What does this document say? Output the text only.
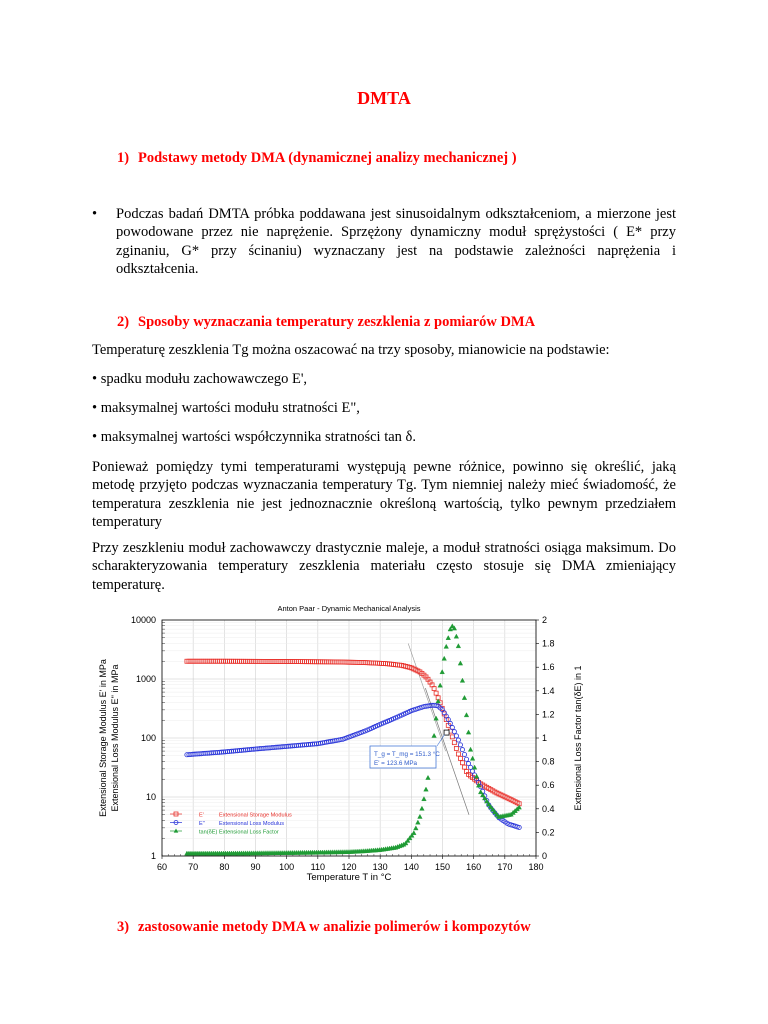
DMTA
1) Podstawy metody DMA (dynamicznej analizy mechanicznej )
• Podczas badań DMTA próbka poddawana jest sinusoidalnym odkształceniom, a mierzone jest powodowane przez nie naprężenie. Sprzężony dynamiczny moduł sprężystości ( E* przy zginaniu, G* przy ścinaniu) wyznaczany jest na podstawie zależności naprężenia i odkształcenia.

2) Sposoby wyznaczania temperatury zeszklenia z pomiarów DMA

Temperaturę zeszklenia Tg można oszacować na trzy sposoby, mianowicie na podstawie:

• spadku modułu zachowawczego E',

• maksymalnej wartości modułu stratności E",

• maksymalnej wartości współczynnika stratności tan δ.

Ponieważ pomiędzy tymi temperaturami występują pewne różnice, powinno się określić, jaką metodę przyjęto podczas wyznaczania temperatury Tg. Tym niemniej należy mieć świadomość, że temperatura zeszklenia nie jest jednoznacznie określoną wartością, tylko pewnym przedziałem temperatury

Przy zeszkleniu moduł zachowawczy drastycznie maleje, a moduł stratności osiąga maksimum. Do scharakteryzowania temperatury zeszklenia materiału często stosuje się DMA zmieniający temperaturę.

60 70 80 90 100 110 120 130 140 150 160 170 180
1
10
100
1000
10000
0
0.2
0.4
0.6
0.8
1
1.2
1.4
1.6
1.8
2
Anton Paar - Dynamic Mechanical Analysis
Temperature T in °C
Extensional Storage Modulus E' in MPa Extensional Loss Modulus E'' in MPa	Extensional Loss Factor tan(δE) in 1
T_g = T_mg = 151.3 °C
E' = 123.6 MPa
E'	Extensional Storage Modulus
E''	Extensional Loss Modulus
tan(δE) Extensional Loss Factor
3) zastosowanie metody DMA w analizie polimerów i kompozytów
